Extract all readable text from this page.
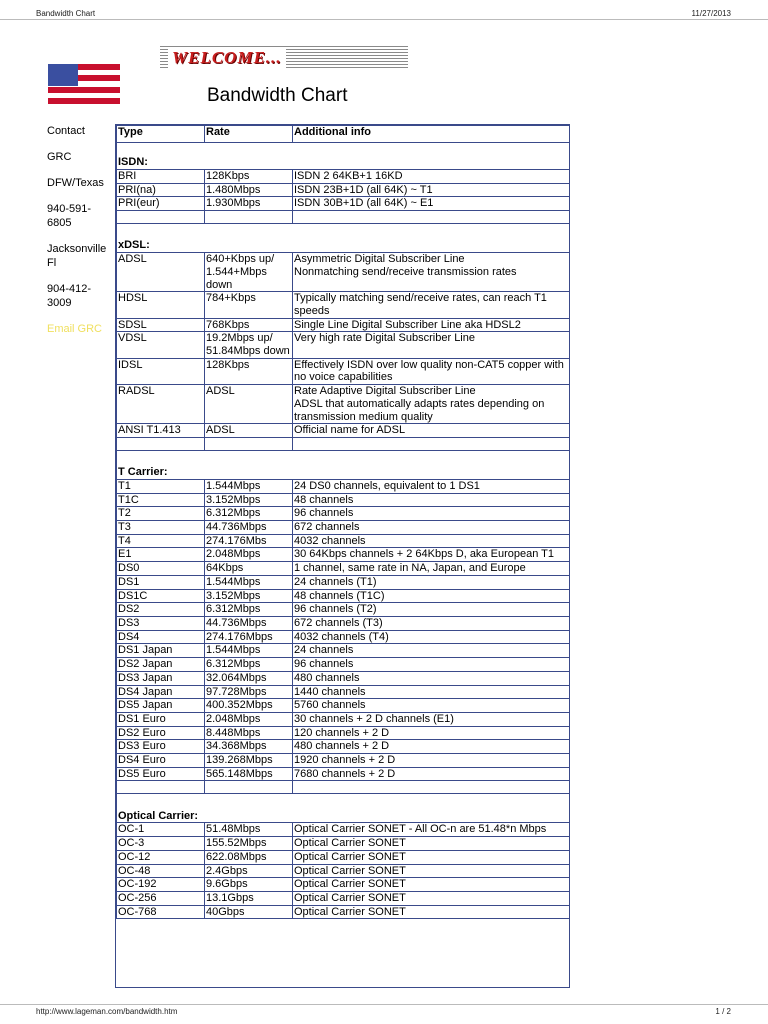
Bandwidth Chart	11/27/2013
WELCOME...
Bandwidth Chart
Contact
GRC
DFW/Texas
940-591-6805
Jacksonville Fl
904-412-3009
Email GRC
Type	Rate	Additional info
ISDN:		
BRI	128Kbps	ISDN 2 64KB+1 16KD
PRI(na)	1.480Mbps	ISDN 23B+1D (all 64K) ~ T1
PRI(eur)	1.930Mbps	ISDN 30B+1D (all 64K) ~ E1

xDSL:		
ADSL	640+Kbps up/ 1.544+Mbps down	Asymmetric Digital Subscriber Line
Nonmatching send/receive transmission rates
HDSL	784+Kbps	Typically matching send/receive rates, can reach T1 speeds
SDSL	768Kbps	Single Line Digital Subscriber Line aka HDSL2
VDSL	19.2Mbps up/ 51.84Mbps down	Very high rate Digital Subscriber Line
IDSL	128Kbps	Effectively ISDN over low quality non-CAT5 copper with no voice capabilities
RADSL	ADSL	Rate Adaptive Digital Subscriber Line
ADSL that automatically adapts rates depending on transmission medium quality
ANSI T1.413	ADSL	Official name for ADSL

T Carrier:		
T1	1.544Mbps	24 DS0 channels, equivalent to 1 DS1
T1C	3.152Mbps	48 channels
T2	6.312Mbps	96 channels
T3	44.736Mbps	672 channels
T4	274.176Mbs	4032 channels
E1	2.048Mbps	30 64Kbps channels + 2 64Kbps D, aka European T1
DS0	64Kbps	1 channel, same rate in NA, Japan, and Europe
DS1	1.544Mbps	24 channels (T1)
DS1C	3.152Mbps	48 channels (T1C)
DS2	6.312Mbps	96 channels (T2)
DS3	44.736Mbps	672 channels (T3)
DS4	274.176Mbps	4032 channels (T4)
DS1 Japan	1.544Mbps	24 channels
DS2 Japan	6.312Mbps	96 channels
DS3 Japan	32.064Mbps	480 channels
DS4 Japan	97.728Mbps	1440 channels
DS5 Japan	400.352Mbps	5760 channels
DS1 Euro	2.048Mbps	30 channels + 2 D channels (E1)
DS2 Euro	8.448Mbps	120 channels + 2 D
DS3 Euro	34.368Mbps	480 channels + 2 D
DS4 Euro	139.268Mbps	1920 channels + 2 D
DS5 Euro	565.148Mbps	7680 channels + 2 D

Optical Carrier:		
OC-1	51.48Mbps	Optical Carrier SONET - All OC-n are 51.48*n Mbps
OC-3	155.52Mbps	Optical Carrier SONET
OC-12	622.08Mbps	Optical Carrier SONET
OC-48	2.4Gbps	Optical Carrier SONET
OC-192	9.6Gbps	Optical Carrier SONET
OC-256	13.1Gbps	Optical Carrier SONET
OC-768	40Gbps	Optical Carrier SONET
http://www.lageman.com/bandwidth.htm	1 / 2
